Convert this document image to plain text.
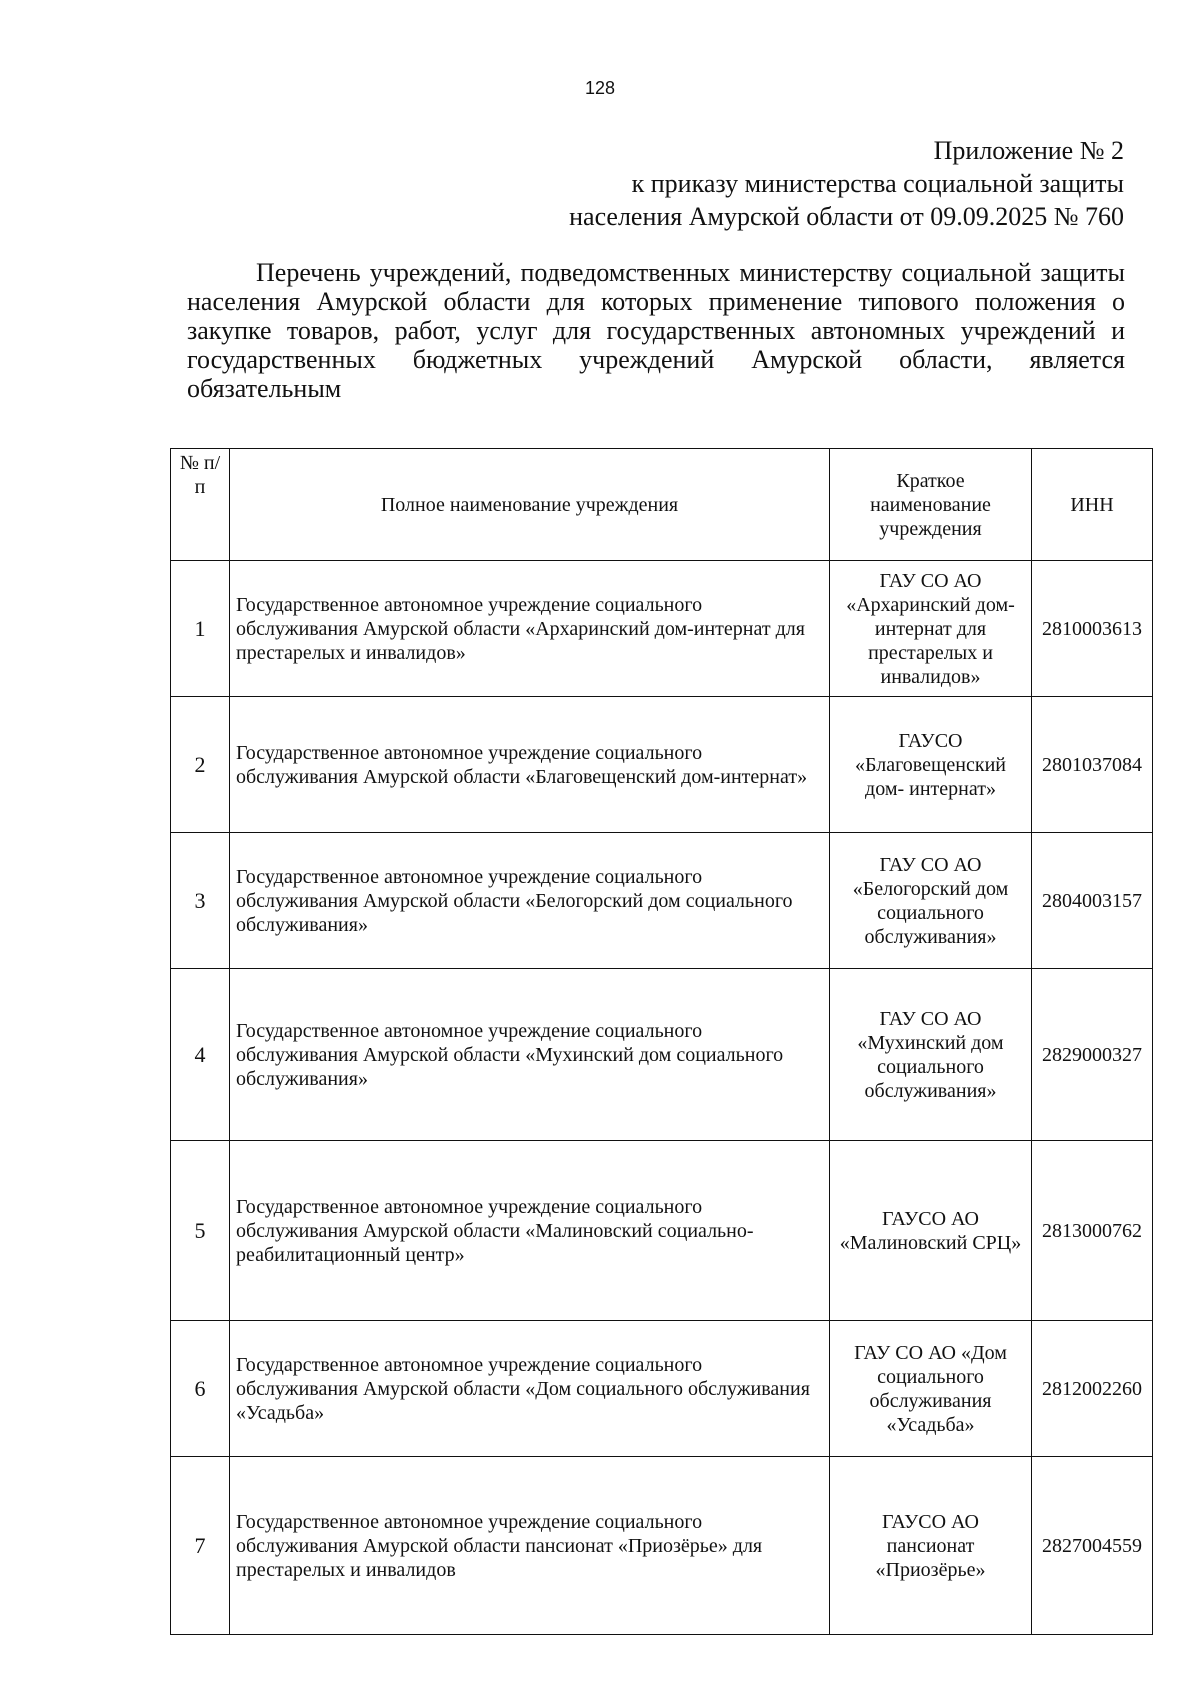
128
Приложение № 2
к приказу министерства социальной защиты
населения Амурской области от 09.09.2025 № 760
Перечень учреждений, подведомственных министерству социальной защиты населения Амурской области для которых применение типового положения о закупке товаров, работ, услуг для государственных автономных учреждений и государственных бюджетных учреждений Амурской области, является обязательным
№ п/п	Полное наименование учреждения	Краткое наименование учреждения	ИНН
1	Государственное автономное учреждение социального обслуживания Амурской области «Архаринский дом-интернат для престарелых и инвалидов»	ГАУ СО АО «Архаринский дом- интернат для престарелых и инвалидов»	2810003613
2	Государственное автономное учреждение социального обслуживания Амурской области «Благовещенский дом-интернат»	ГАУСО «Благовещенский дом- интернат»	2801037084
3	Государственное автономное учреждение социального обслуживания Амурской области «Белогорский дом социального обслуживания»	ГАУ СО АО «Белогорский дом социального обслуживания»	2804003157
4	Государственное автономное учреждение социального обслуживания Амурской области «Мухинский дом социального обслуживания»	ГАУ СО АО «Мухинский дом социального обслуживания»	2829000327
5	Государственное автономное учреждение социального обслуживания Амурской области «Малиновский социально-реабилитационный центр»	ГАУСО АО «Малиновский СРЦ»	2813000762
6	Государственное автономное учреждение социального обслуживания Амурской области «Дом социального обслуживания «Усадьба»	ГАУ СО АО «Дом социального обслуживания «Усадьба»	2812002260
7	Государственное автономное учреждение социального обслуживания Амурской области пансионат «Приозёрье» для престарелых и инвалидов	ГАУСО АО пансионат «Приозёрье»	2827004559
